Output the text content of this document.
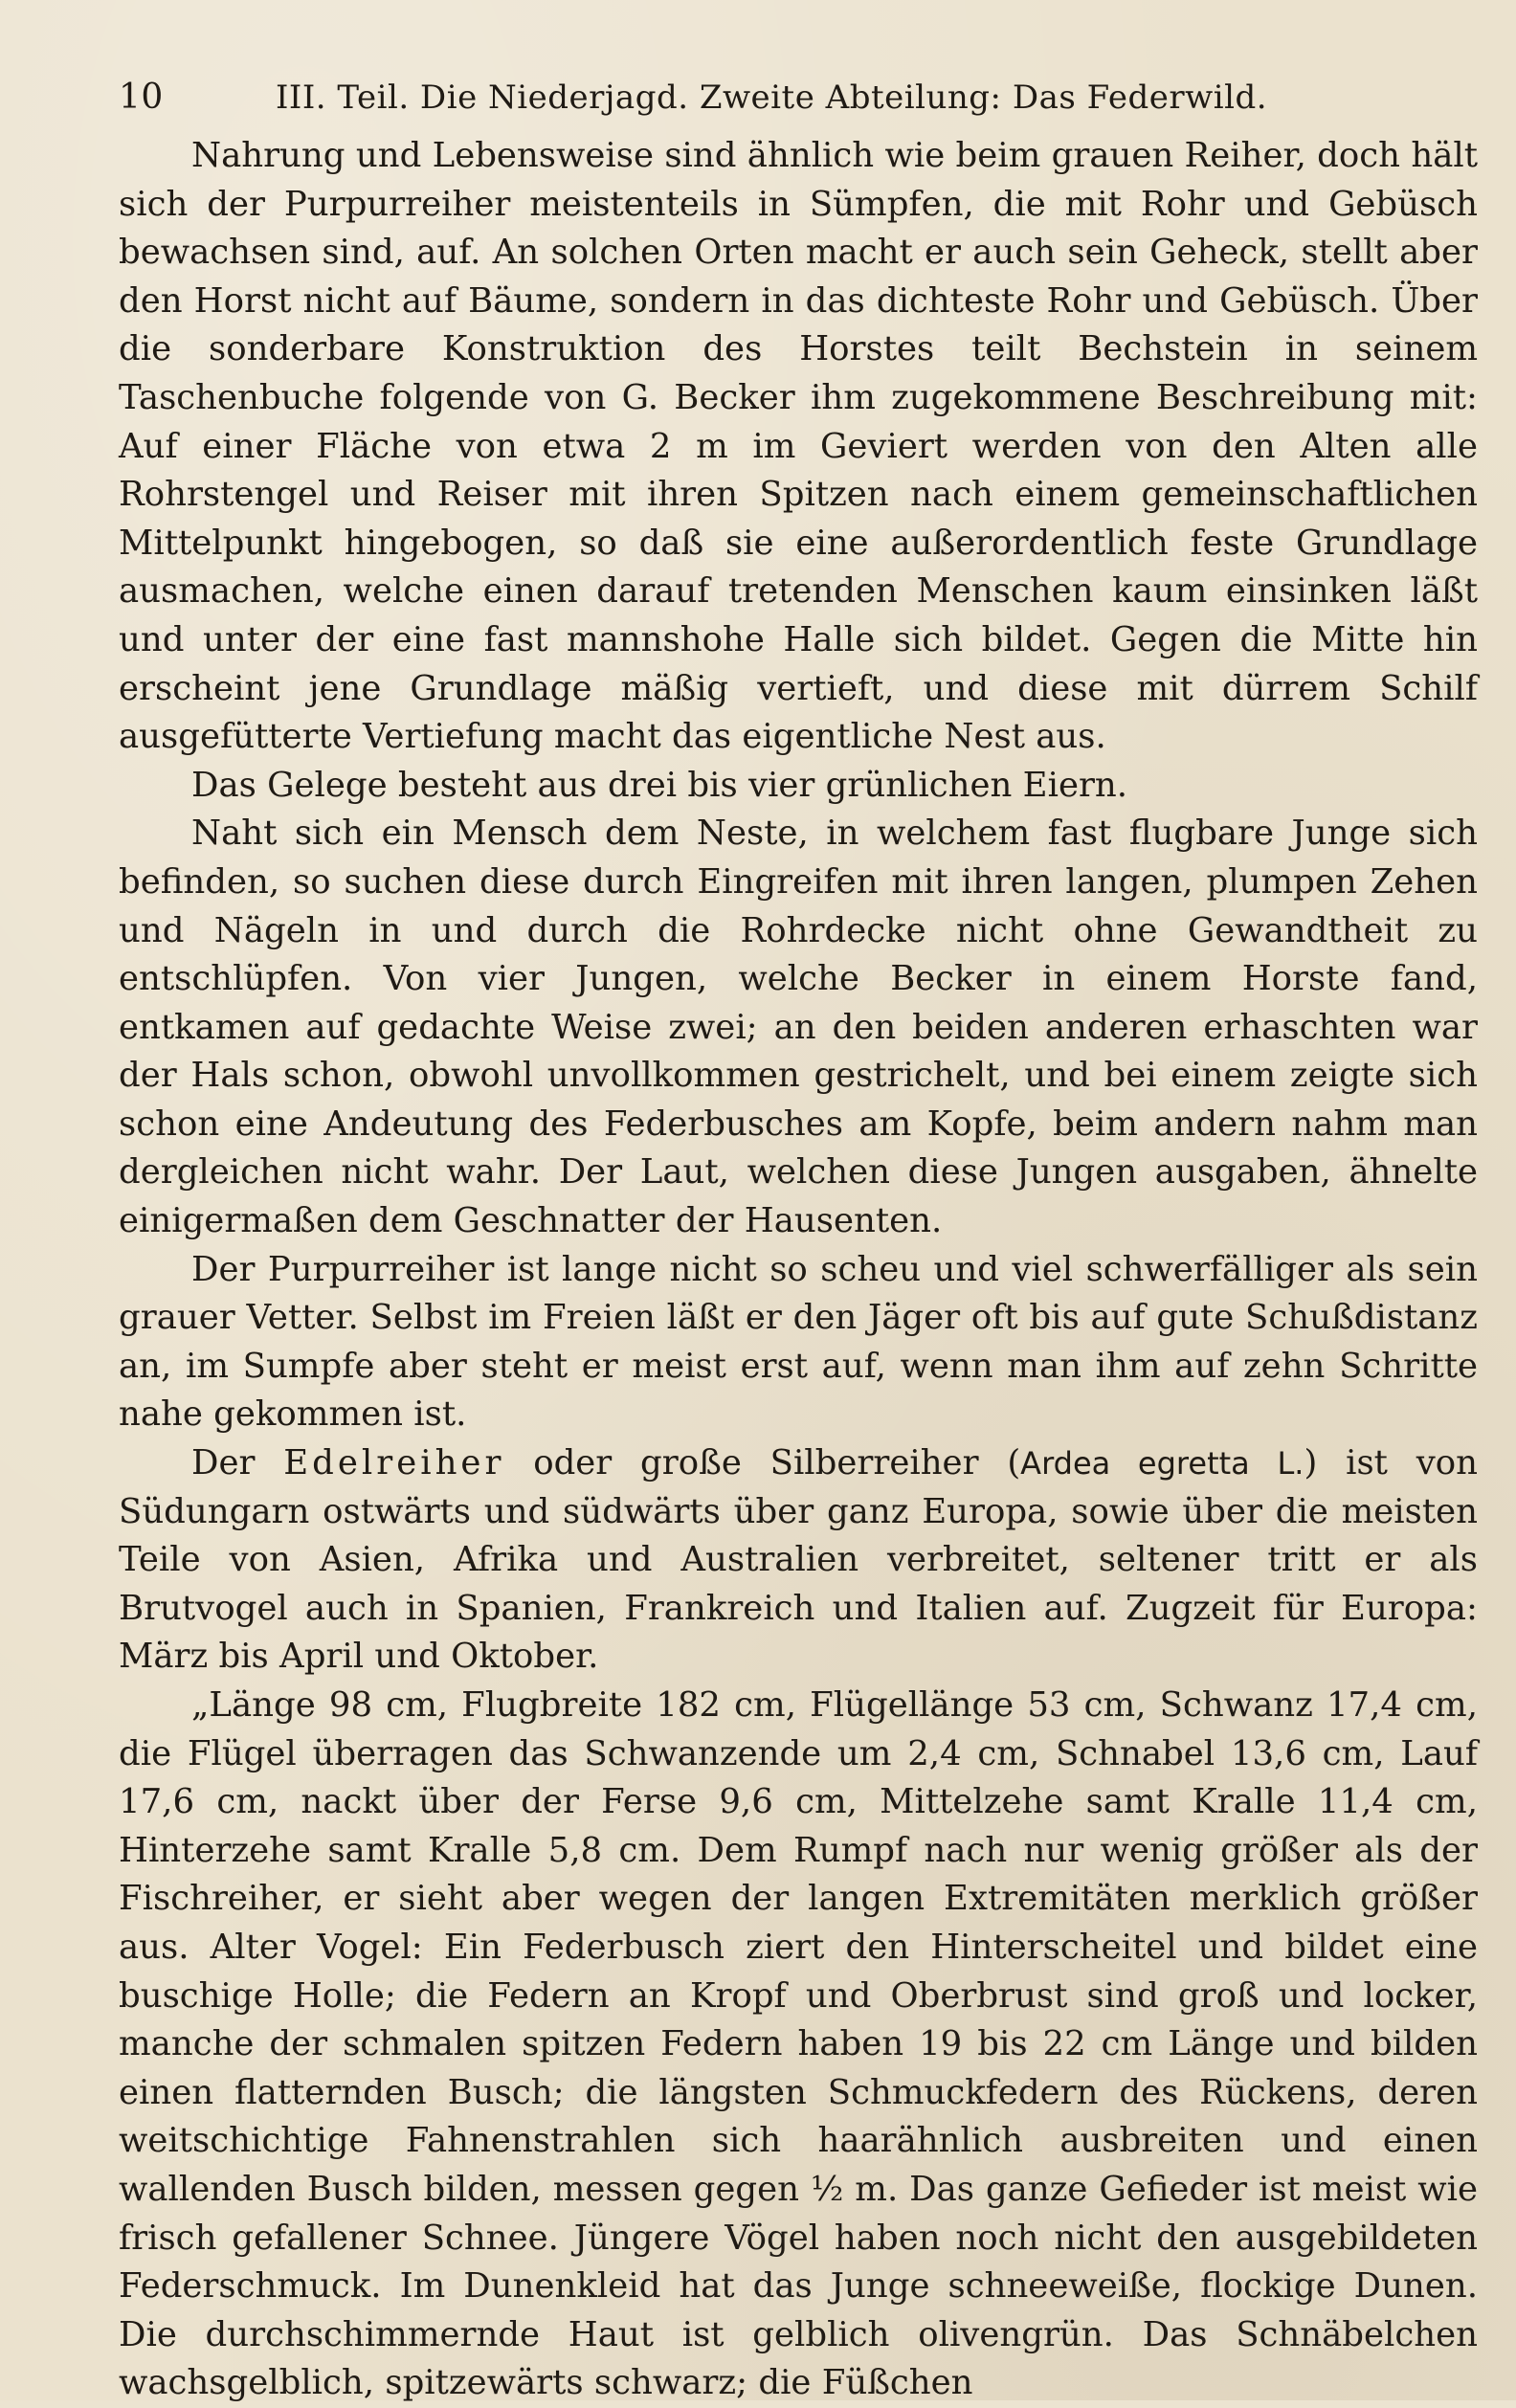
10	III. Teil. Die Niederjagd. Zweite Abteilung: Das Federwild.

Nahrung und Lebensweise sind ähnlich wie beim grauen Reiher, doch hält sich der Purpurreiher meistenteils in Sümpfen, die mit Rohr und Gebüsch bewachsen sind, auf. An solchen Orten macht er auch sein Geheck, stellt aber den Horst nicht auf Bäume, sondern in das dichteste Rohr und Gebüsch. Über die sonderbare Konstruktion des Horstes teilt Bechstein in seinem Taschenbuche folgende von G. Becker ihm zugekommene Beschreibung mit: Auf einer Fläche von etwa 2 m im Geviert werden von den Alten alle Rohrstengel und Reiser mit ihren Spitzen nach einem gemeinschaftlichen Mittelpunkt hingebogen, so daß sie eine außerordentlich feste Grundlage ausmachen, welche einen darauf tretenden Menschen kaum einsinken läßt und unter der eine fast mannshohe Halle sich bildet. Gegen die Mitte hin erscheint jene Grundlage mäßig vertieft, und diese mit dürrem Schilf ausgefütterte Vertiefung macht das eigentliche Nest aus.

Das Gelege besteht aus drei bis vier grünlichen Eiern.

Naht sich ein Mensch dem Neste, in welchem fast flugbare Junge sich befinden, so suchen diese durch Eingreifen mit ihren langen, plumpen Zehen und Nägeln in und durch die Rohrdecke nicht ohne Gewandtheit zu entschlüpfen. Von vier Jungen, welche Becker in einem Horste fand, entkamen auf gedachte Weise zwei; an den beiden anderen erhaschten war der Hals schon, obwohl unvollkommen gestrichelt, und bei einem zeigte sich schon eine Andeutung des Federbusches am Kopfe, beim andern nahm man dergleichen nicht wahr. Der Laut, welchen diese Jungen ausgaben, ähnelte einigermaßen dem Geschnatter der Hausenten.

Der Purpurreiher ist lange nicht so scheu und viel schwerfälliger als sein grauer Vetter. Selbst im Freien läßt er den Jäger oft bis auf gute Schußdistanz an, im Sumpfe aber steht er meist erst auf, wenn man ihm auf zehn Schritte nahe gekommen ist.

Der Edelreiher oder große Silberreiher (Ardea egretta L.) ist von Südungarn ostwärts und südwärts über ganz Europa, sowie über die meisten Teile von Asien, Afrika und Australien verbreitet, seltener tritt er als Brutvogel auch in Spanien, Frankreich und Italien auf. Zugzeit für Europa: März bis April und Oktober.

„Länge 98 cm, Flugbreite 182 cm, Flügellänge 53 cm, Schwanz 17,4 cm, die Flügel überragen das Schwanzende um 2,4 cm, Schnabel 13,6 cm, Lauf 17,6 cm, nackt über der Ferse 9,6 cm, Mittelzehe samt Kralle 11,4 cm, Hinterzehe samt Kralle 5,8 cm. Dem Rumpf nach nur wenig größer als der Fischreiher, er sieht aber wegen der langen Extremitäten merklich größer aus. Alter Vogel: Ein Federbusch ziert den Hinterscheitel und bildet eine buschige Holle; die Federn an Kropf und Oberbrust sind groß und locker, manche der schmalen spitzen Federn haben 19 bis 22 cm Länge und bilden einen flatternden Busch; die längsten Schmuckfedern des Rückens, deren weitschichtige Fahnenstrahlen sich haarähnlich ausbreiten und einen wallenden Busch bilden, messen gegen ½ m. Das ganze Gefieder ist meist wie frisch gefallener Schnee. Jüngere Vögel haben noch nicht den ausgebildeten Federschmuck. Im Dunenkleid hat das Junge schneeweiße, flockige Dunen. Die durchschimmernde Haut ist gelblich olivengrün. Das Schnäbelchen wachsgelblich, spitzewärts schwarz; die Füßchen
